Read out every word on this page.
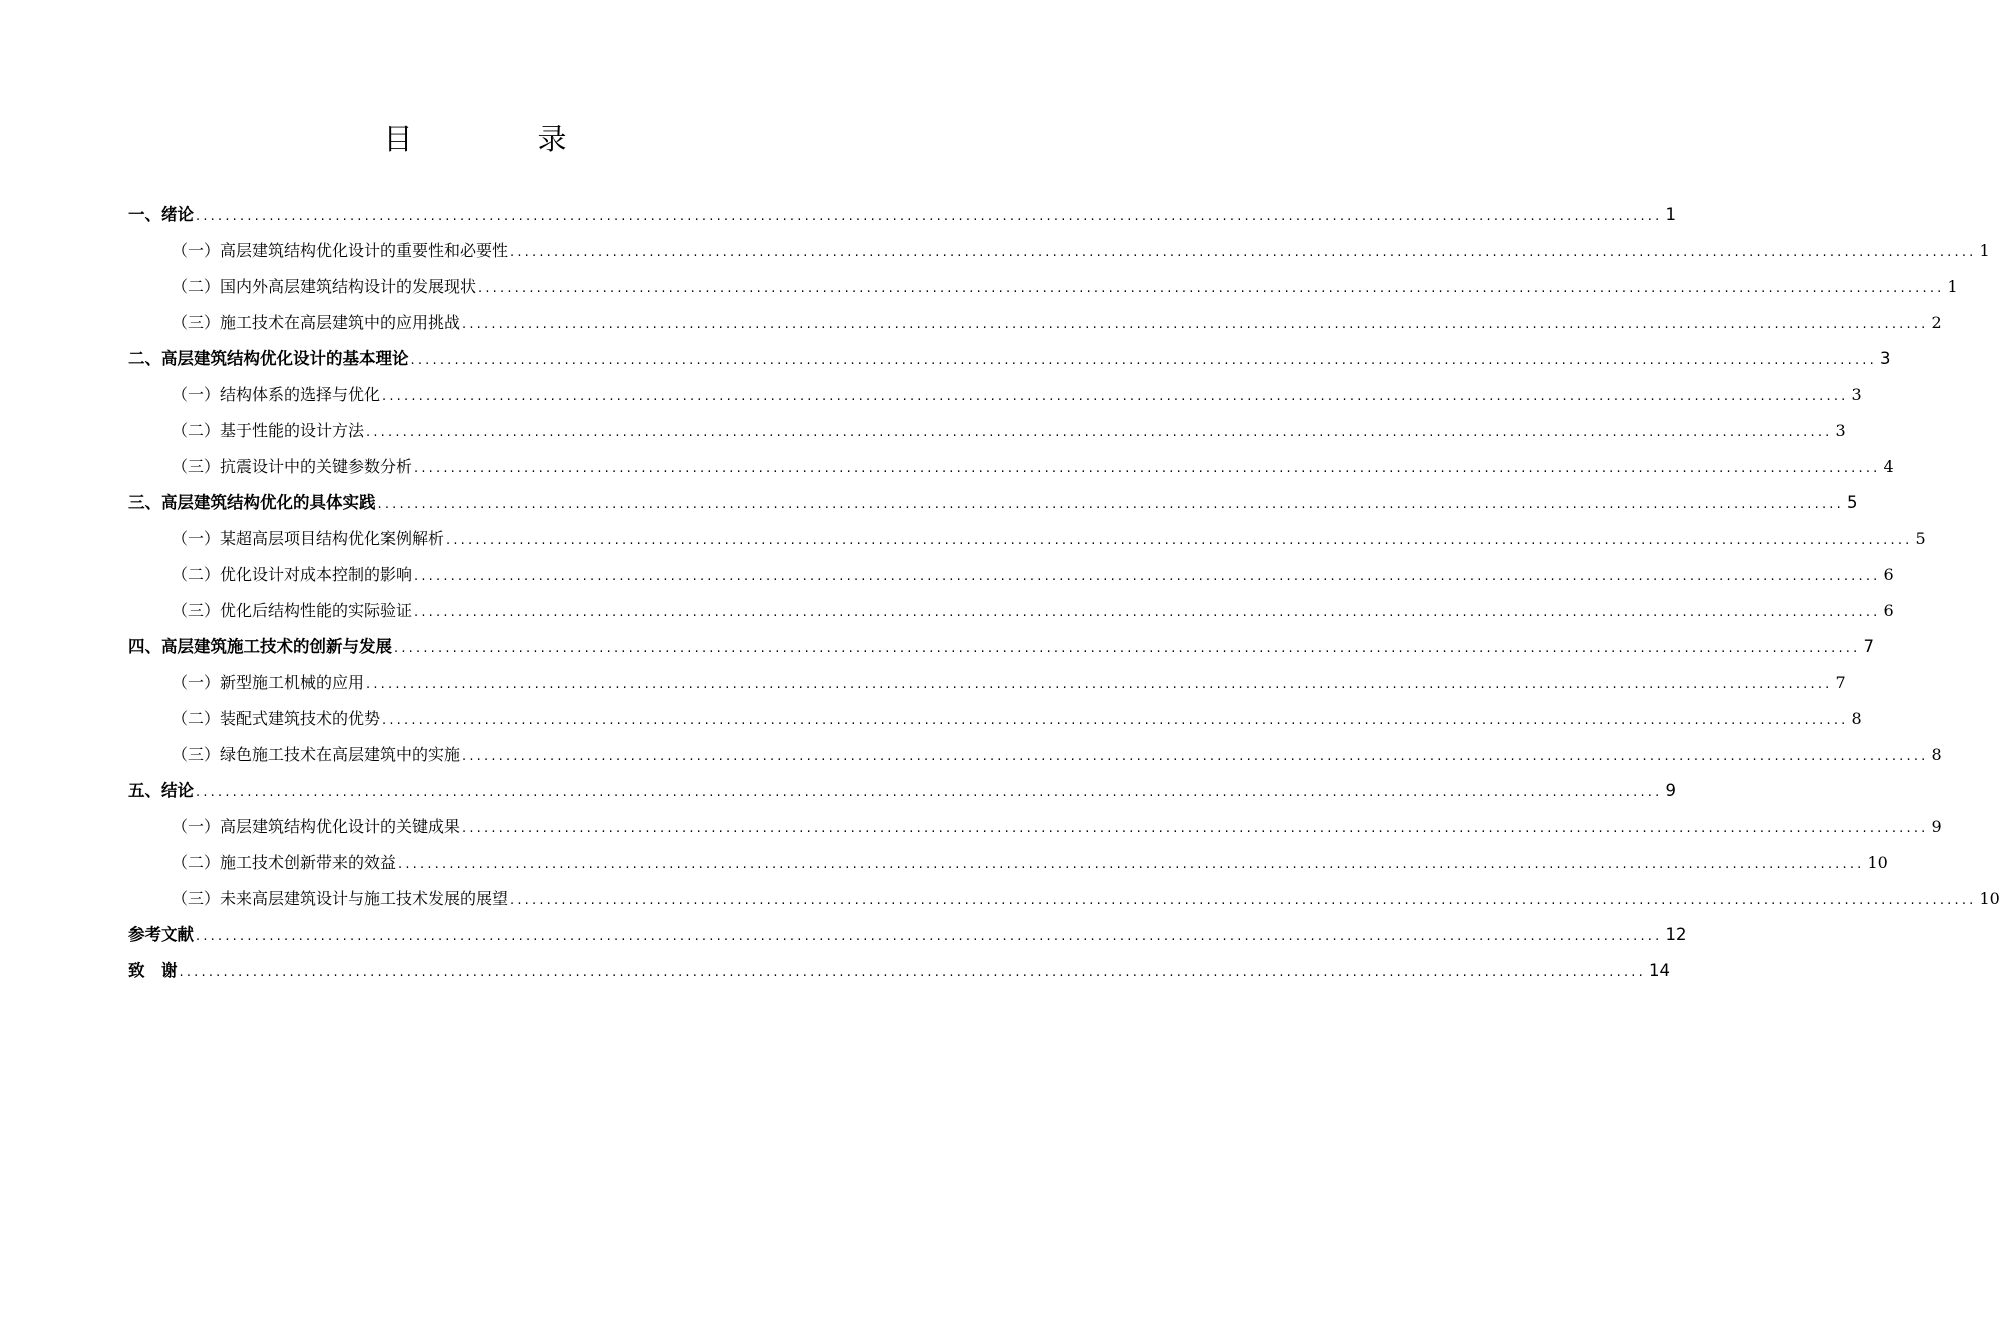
目　录
一、绪论 ........................................................................................................................................................................................................ 1
（一）高层建筑结构优化设计的重要性和必要性 ........................................................................................................................................................................................................ 1
（二）国内外高层建筑结构设计的发展现状 ........................................................................................................................................................................................................ 1
（三）施工技术在高层建筑中的应用挑战 ........................................................................................................................................................................................................ 2
二、高层建筑结构优化设计的基本理论 ........................................................................................................................................................................................................ 3
（一）结构体系的选择与优化 ........................................................................................................................................................................................................ 3
（二）基于性能的设计方法 ........................................................................................................................................................................................................ 3
（三）抗震设计中的关键参数分析 ........................................................................................................................................................................................................ 4
三、高层建筑结构优化的具体实践 ........................................................................................................................................................................................................ 5
（一）某超高层项目结构优化案例解析 ........................................................................................................................................................................................................ 5
（二）优化设计对成本控制的影响 ........................................................................................................................................................................................................ 6
（三）优化后结构性能的实际验证 ........................................................................................................................................................................................................ 6
四、高层建筑施工技术的创新与发展 ........................................................................................................................................................................................................ 7
（一）新型施工机械的应用 ........................................................................................................................................................................................................ 7
（二）装配式建筑技术的优势 ........................................................................................................................................................................................................ 8
（三）绿色施工技术在高层建筑中的实施 ........................................................................................................................................................................................................ 8
五、结论 ........................................................................................................................................................................................................ 9
（一）高层建筑结构优化设计的关键成果 ........................................................................................................................................................................................................ 9
（二）施工技术创新带来的效益 ........................................................................................................................................................................................................ 10
（三）未来高层建筑设计与施工技术发展的展望 ........................................................................................................................................................................................................ 10
参考文献 ........................................................................................................................................................................................................ 12
致　谢 ........................................................................................................................................................................................................ 14
